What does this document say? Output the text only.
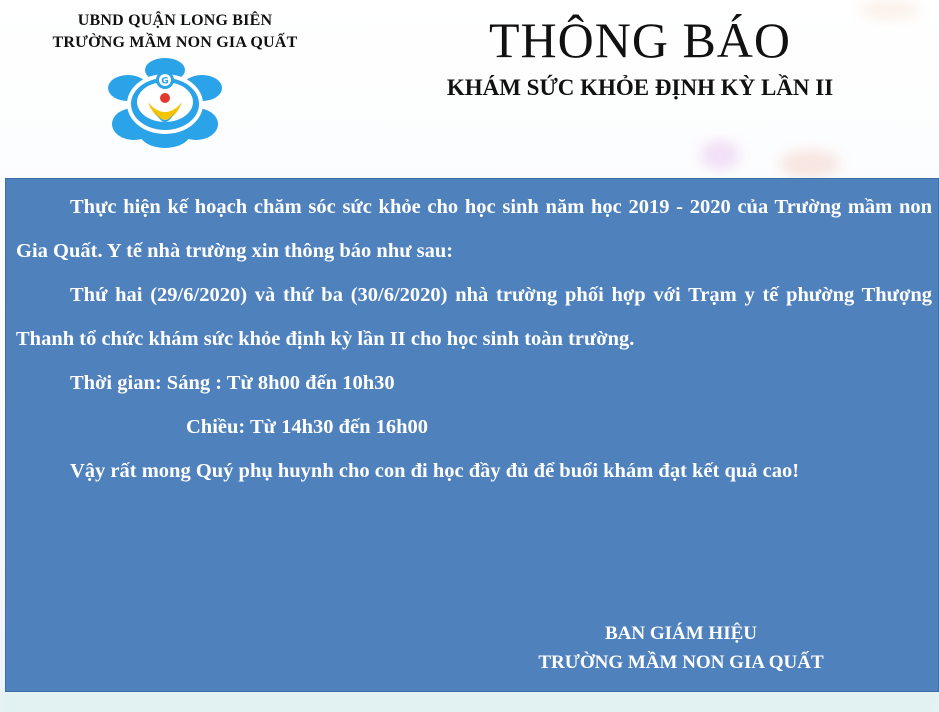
UBND QUẬN LONG BIÊN
TRƯỜNG MẦM NON GIA QUẤT
G
THÔNG BÁO
KHÁM SỨC KHỎE ĐỊNH KỲ LẦN II

Thực hiện kế hoạch chăm sóc sức khỏe cho học sinh năm học 2019 - 2020 của Trường mầm non Gia Quất. Y tế nhà trường xin thông báo như sau:

Thứ hai (29/6/2020) và thứ ba (30/6/2020) nhà trường phối hợp với Trạm y tế phường Thượng Thanh tổ chức khám sức khỏe định kỳ lần II cho học sinh toàn trường.

Thời gian: Sáng : Từ 8h00 đến 10h30

Chiều: Từ 14h30 đến 16h00

Vậy rất mong Quý phụ huynh cho con đi học đầy đủ để buổi khám đạt kết quả cao!

BAN GIÁM HIỆU
TRƯỜNG MẦM NON GIA QUẤT
